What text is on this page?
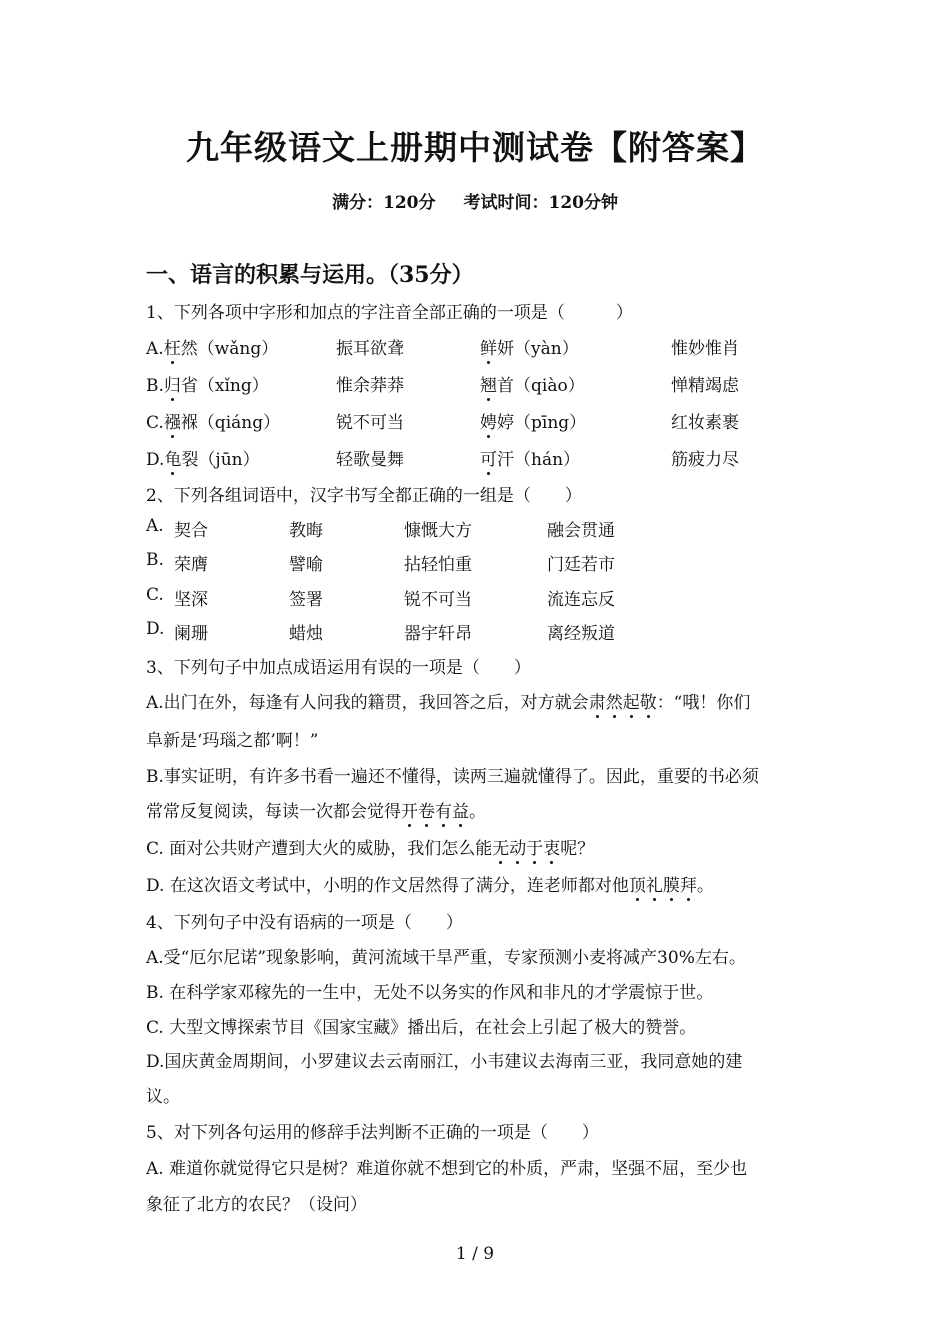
九年级语文上册期中测试卷【附答案】
满分：120分 考试时间：120分钟
一、语言的积累与运用。（35分）
1、下列各项中字形和加点的字注音全部正确的一项是（　　　）
A.枉然（wǎng）	振耳欲聋	鲜妍（yàn）	惟妙惟肖
B.归省（xǐng）	惟余莽莽	翘首（qiào）	惮精竭虑
C.襁褓（qiáng）	锐不可当	娉婷（pīng）	红妆素裹
D.龟裂（jūn）	轻歌曼舞	可汗（hán）	筋疲力尽
2、下列各组词语中，汉字书写全都正确的一组是（　　）
A. 契合	教晦	慷慨大方	融会贯通
B. 荣膺	譬喻	拈轻怕重	门廷若市
C. 坚深	签署	锐不可当	流连忘反
D. 阑珊	蜡烛	器宇轩昂	离经叛道
3、下列句子中加点成语运用有误的一项是（　　）
A.出门在外，每逢有人问我的籍贯，我回答之后，对方就会肃然起敬：“哦！你们
阜新是‘玛瑙之都’啊！”
B.事实证明，有许多书看一遍还不懂得，读两三遍就懂得了。因此，重要的书必须
常常反复阅读，每读一次都会觉得开卷有益。
C. 面对公共财产遭到大火的威胁，我们怎么能无动于衷呢？
D. 在这次语文考试中，小明的作文居然得了满分，连老师都对他顶礼膜拜。
4、下列句子中没有语病的一项是（　　）
A.受“厄尔尼诺”现象影响，黄河流域干旱严重，专家预测小麦将减产30%左右。
B. 在科学家邓稼先的一生中，无处不以务实的作风和非凡的才学震惊于世。
C. 大型文博探索节目《国家宝藏》播出后，在社会上引起了极大的赞誉。
D.国庆黄金周期间，小罗建议去云南丽江，小韦建议去海南三亚，我同意她的建
议。
5、对下列各句运用的修辞手法判断不正确的一项是（　　）
A. 难道你就觉得它只是树？难道你就不想到它的朴质，严肃，坚强不屈，至少也
象征了北方的农民？（设问）
1 / 9
